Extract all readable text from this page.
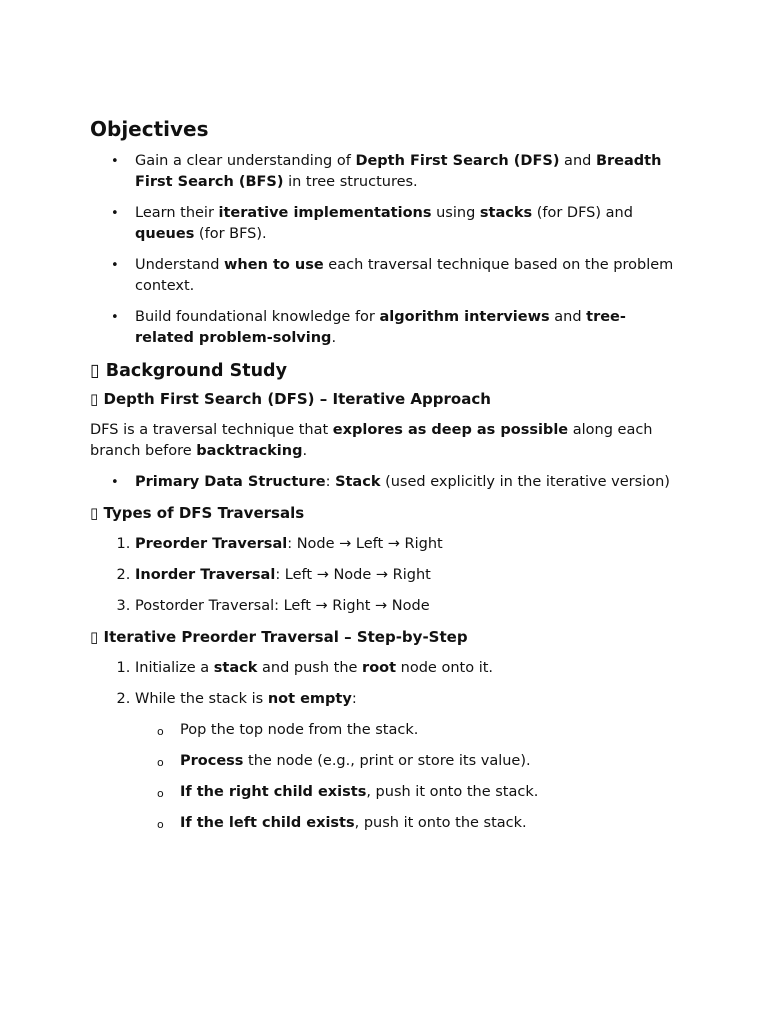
Objectives
• Gain a clear understanding of Depth First Search (DFS) and Breadth First Search (BFS) in tree structures.
• Learn their iterative implementations using stacks (for DFS) and queues (for BFS).
• Understand when to use each traversal technique based on the problem context.
• Build foundational knowledge for algorithm interviews and tree-related problem-solving.
▯ Background Study
▯ Depth First Search (DFS) – Iterative Approach

DFS is a traversal technique that explores as deep as possible along each branch before backtracking.

• Primary Data Structure: Stack (used explicitly in the iterative version)
▯ Types of DFS Traversals
1. Preorder Traversal: Node → Left → Right
2. Inorder Traversal: Left → Node → Right
3. Postorder Traversal: Left → Right → Node
▯ Iterative Preorder Traversal – Step-by-Step
1. Initialize a stack and push the root node onto it.
2. While the stack is not empty:
o Pop the top node from the stack.
o Process the node (e.g., print or store its value).
o If the right child exists, push it onto the stack.
o If the left child exists, push it onto the stack.
